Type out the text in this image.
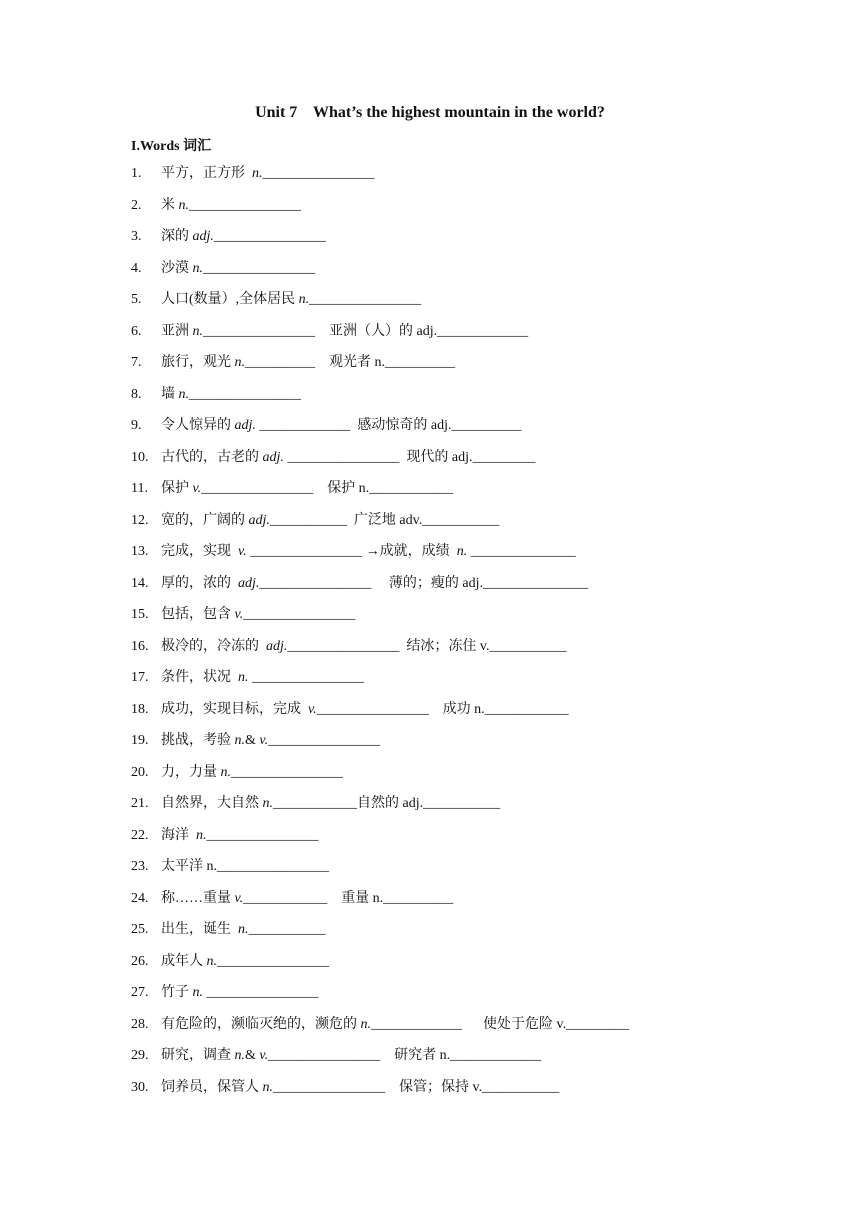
Unit 7    What’s the highest mountain in the world?
I.Words 词汇
1. 平方，正方形  n.________________
2. 米 n.________________
3. 深的 adj.________________
4. 沙漠 n.________________
5. 人口(数量）,全体居民 n.________________
6. 亚洲 n.________________ 亚洲（人）的 adj._____________
7. 旅行，观光 n.__________ 观光者 n.__________
8. 墙 n.________________
9. 令人惊异的 adj. _____________  感动惊奇的 adj.__________
10. 古代的，古老的 adj. ________________  现代的 adj._________
11. 保护 v.________________ 保护 n.____________
12. 宽的，广阔的 adj.___________  广泛地 adv.___________
13. 完成，实现  v. ________________ →成就，成绩  n. _______________
14. 厚的，浓的  adj.________________ 薄的；瘦的 adj._______________
15. 包括，包含 v.________________
16. 极冷的，冷冻的  adj.________________  结冰；冻住 v.___________
17. 条件，状况  n. ________________
18. 成功，实现目标，完成  v.________________ 成功 n.____________
19. 挑战，考验 n.& v.________________
20. 力，力量 n.________________
21. 自然界，大自然 n.____________自然的 adj.___________
22. 海洋  n.________________
23. 太平洋 n.________________
24. 称……重量 v.____________ 重量 n.__________
25. 出生，诞生  n.___________
26. 成年人 n.________________
27. 竹子 n. ________________
28. 有危险的，濒临灭绝的，濒危的 n._____________  使处于危险 v._________
29. 研究，调查 n.& v.________________ 研究者 n._____________
30. 饲养员，保管人 n.________________ 保管；保持 v.___________
